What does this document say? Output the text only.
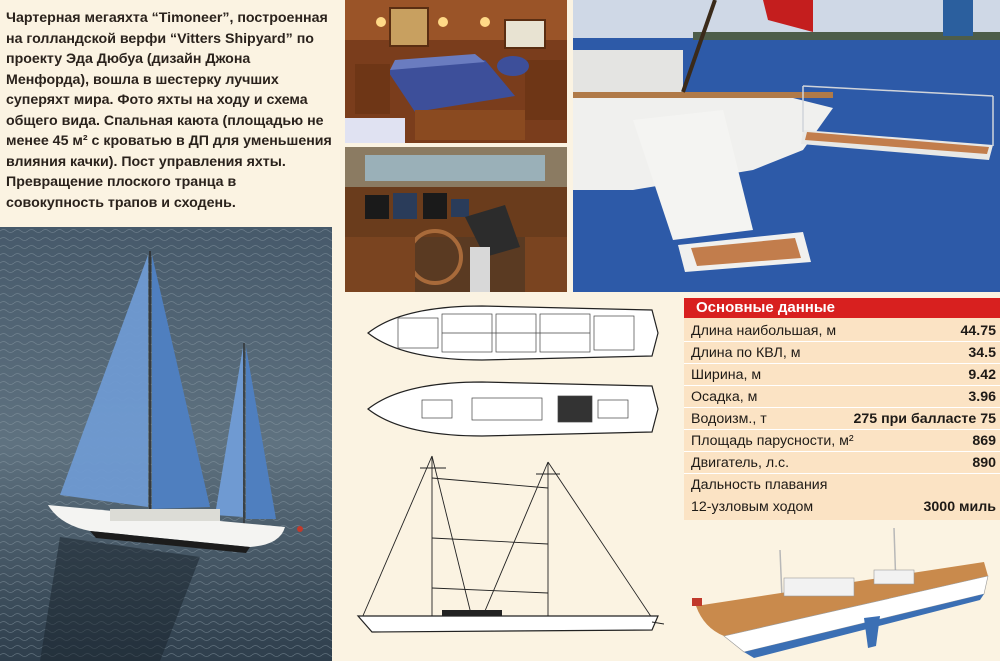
Чартерная мегаяхта “Timoneer”, построенная на голландской верфи “Vitters Shipyard” по проекту Эда Дюбуа (дизайн Джона Менфорда), вошла в шестерку лучших суперяхт мира. Фото яхты на ходу и схема общего вида. Спальная каюта (площадью не менее 45 м² с кроватью в ДП для уменьшения влияния качки). Пост управления яхты. Превращение плоского транца в совокупность трапов и сходень.
Основные данные
Длина наибольшая, м	44.75
Длина по КВЛ, м	34.5
Ширина, м	9.42
Осадка, м	3.96
Водоизм., т	275 при балласте 75
Площадь парусности, м²	869
Двигатель, л.с.	890
Дальность плавания
12-узловым ходом	3000 миль
